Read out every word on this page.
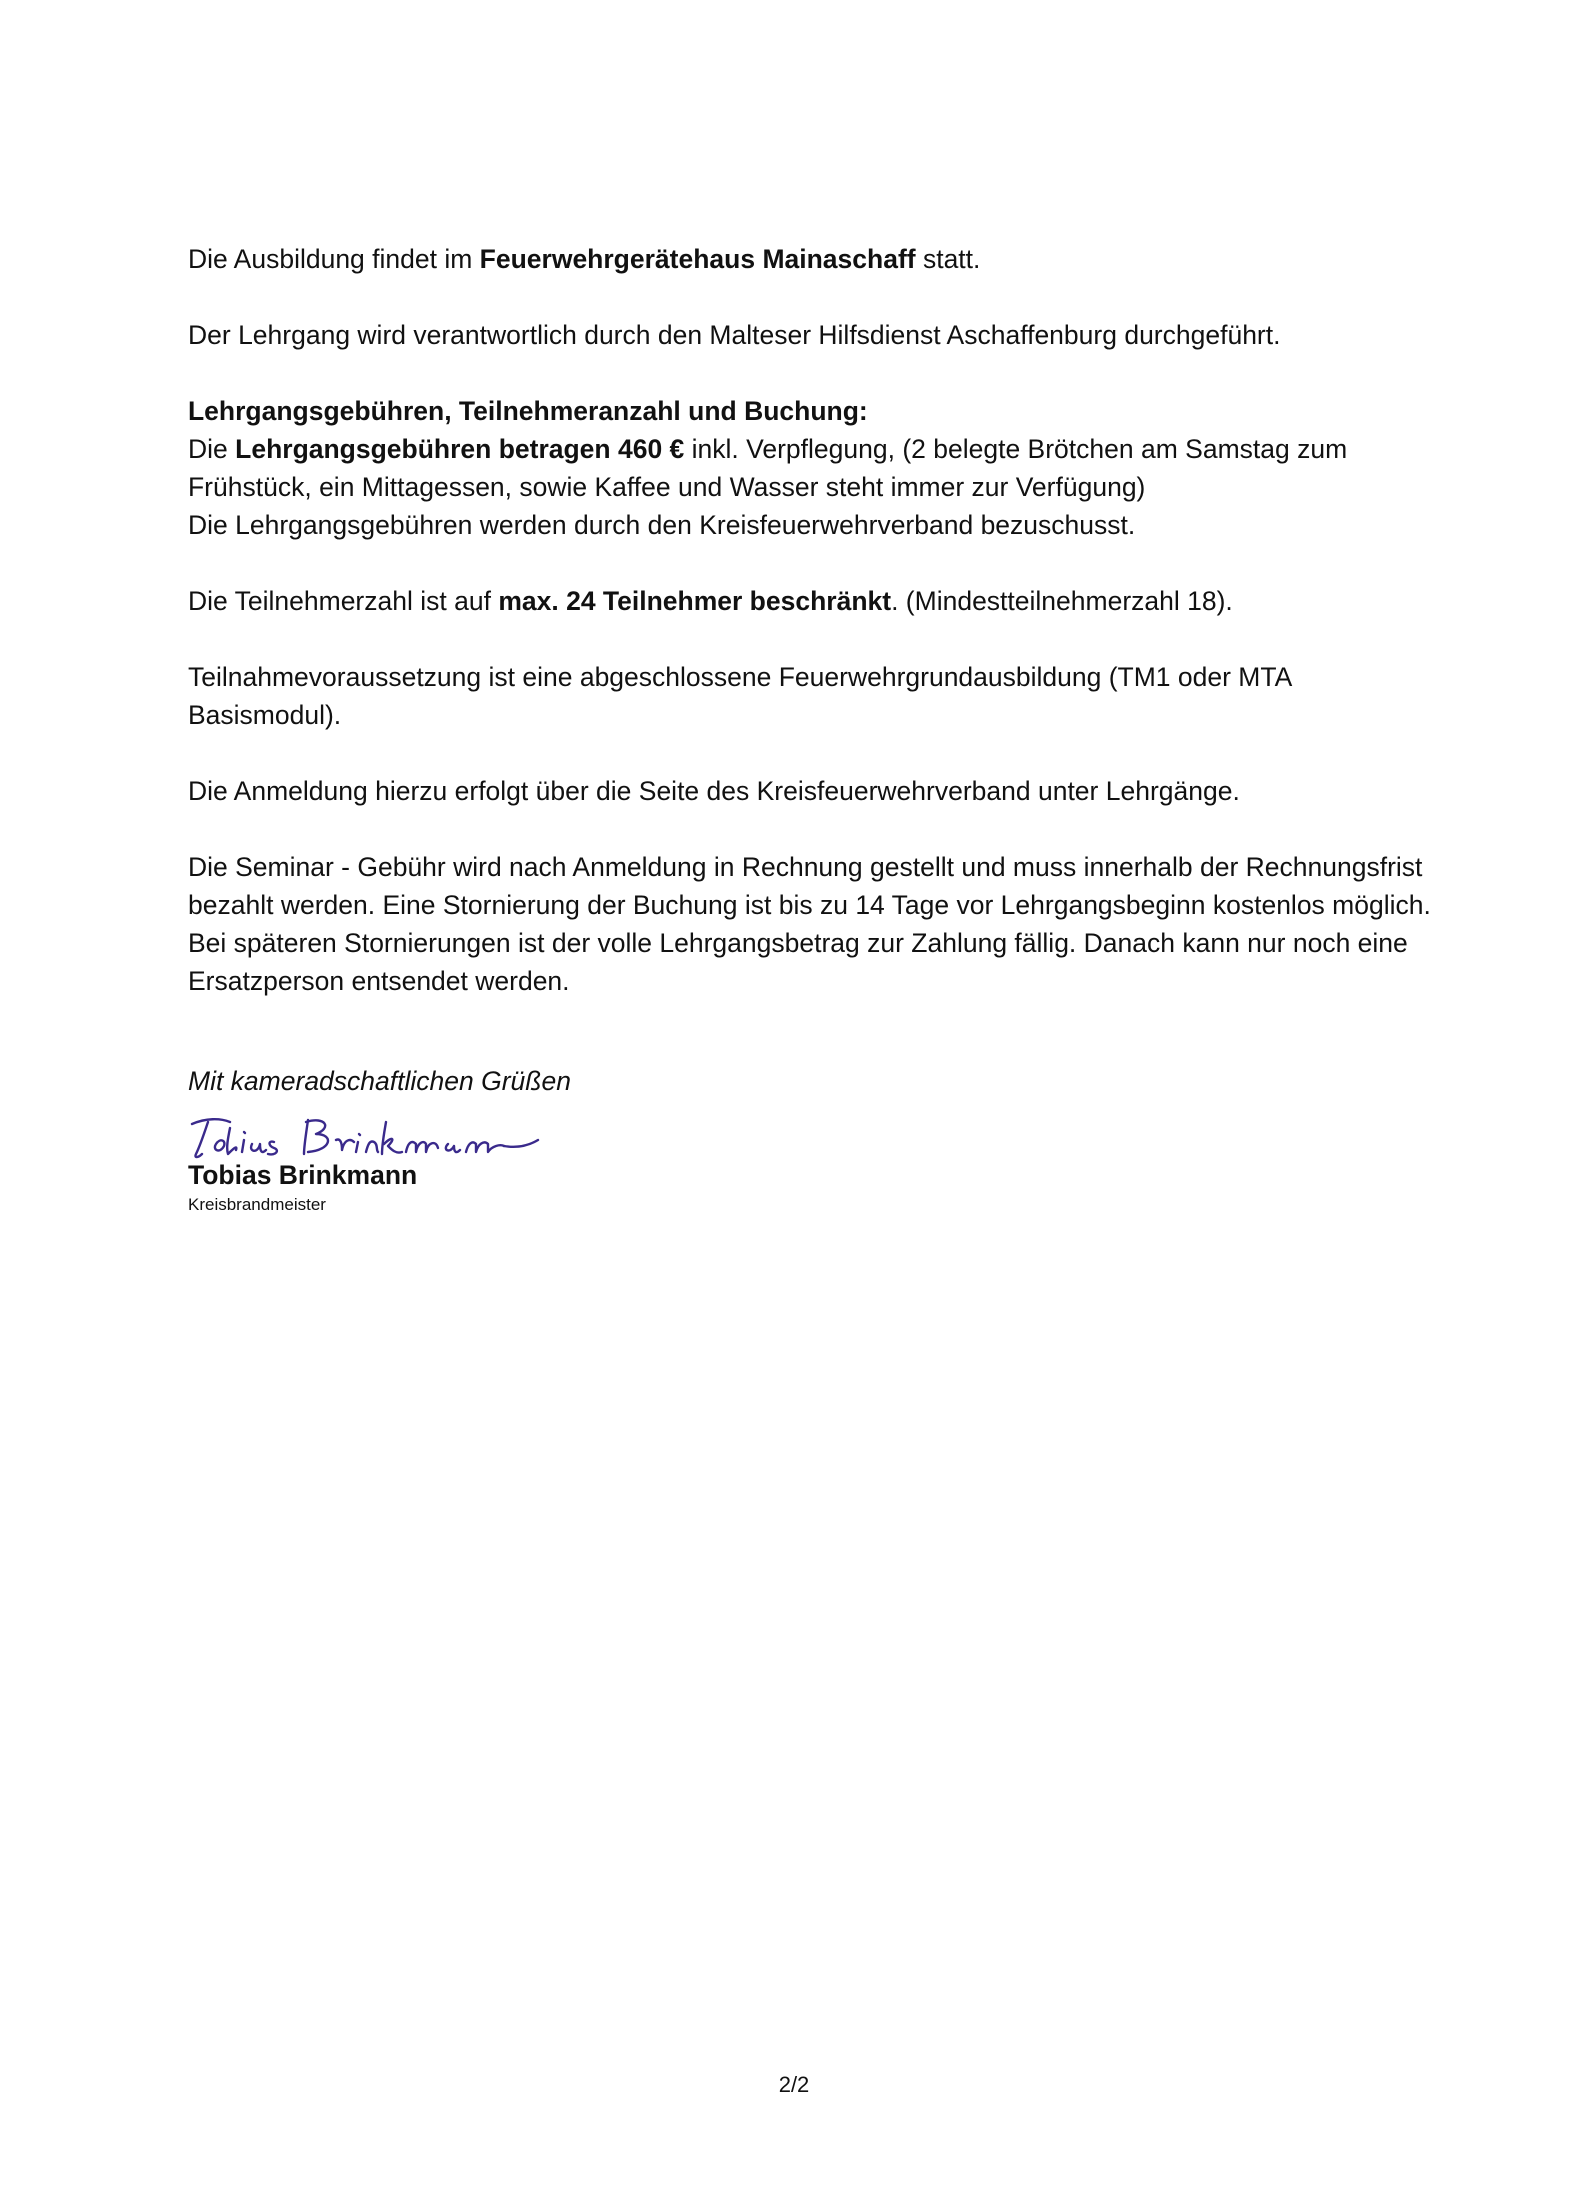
Die Ausbildung findet im Feuerwehrgerätehaus Mainaschaff statt.

Der Lehrgang wird verantwortlich durch den Malteser Hilfsdienst Aschaffenburg durchgeführt.

Lehrgangsgebühren, Teilnehmeranzahl und Buchung:

Die Lehrgangsgebühren betragen 460 € inkl. Verpflegung, (2 belegte Brötchen am Samstag zum Frühstück, ein Mittagessen, sowie Kaffee und Wasser steht immer zur Verfügung)

Die Lehrgangsgebühren werden durch den Kreisfeuerwehrverband bezuschusst.

Die Teilnehmerzahl ist auf max. 24 Teilnehmer beschränkt. (Mindestteilnehmerzahl 18).

Teilnahmevoraussetzung ist eine abgeschlossene Feuerwehrgrundausbildung (TM1 oder MTA Basismodul).

Die Anmeldung hierzu erfolgt über die Seite des Kreisfeuerwehrverband unter Lehrgänge.

Die Seminar - Gebühr wird nach Anmeldung in Rechnung gestellt und muss innerhalb der Rechnungsfrist bezahlt werden. Eine Stornierung der Buchung ist bis zu 14 Tage vor Lehrgangsbeginn kostenlos möglich. Bei späteren Stornierungen ist der volle Lehrgangsbetrag zur Zahlung fällig. Danach kann nur noch eine Ersatzperson entsendet werden.

Mit kameradschaftlichen Grüßen

Tobias Brinkmann

Kreisbrandmeister

2/2
